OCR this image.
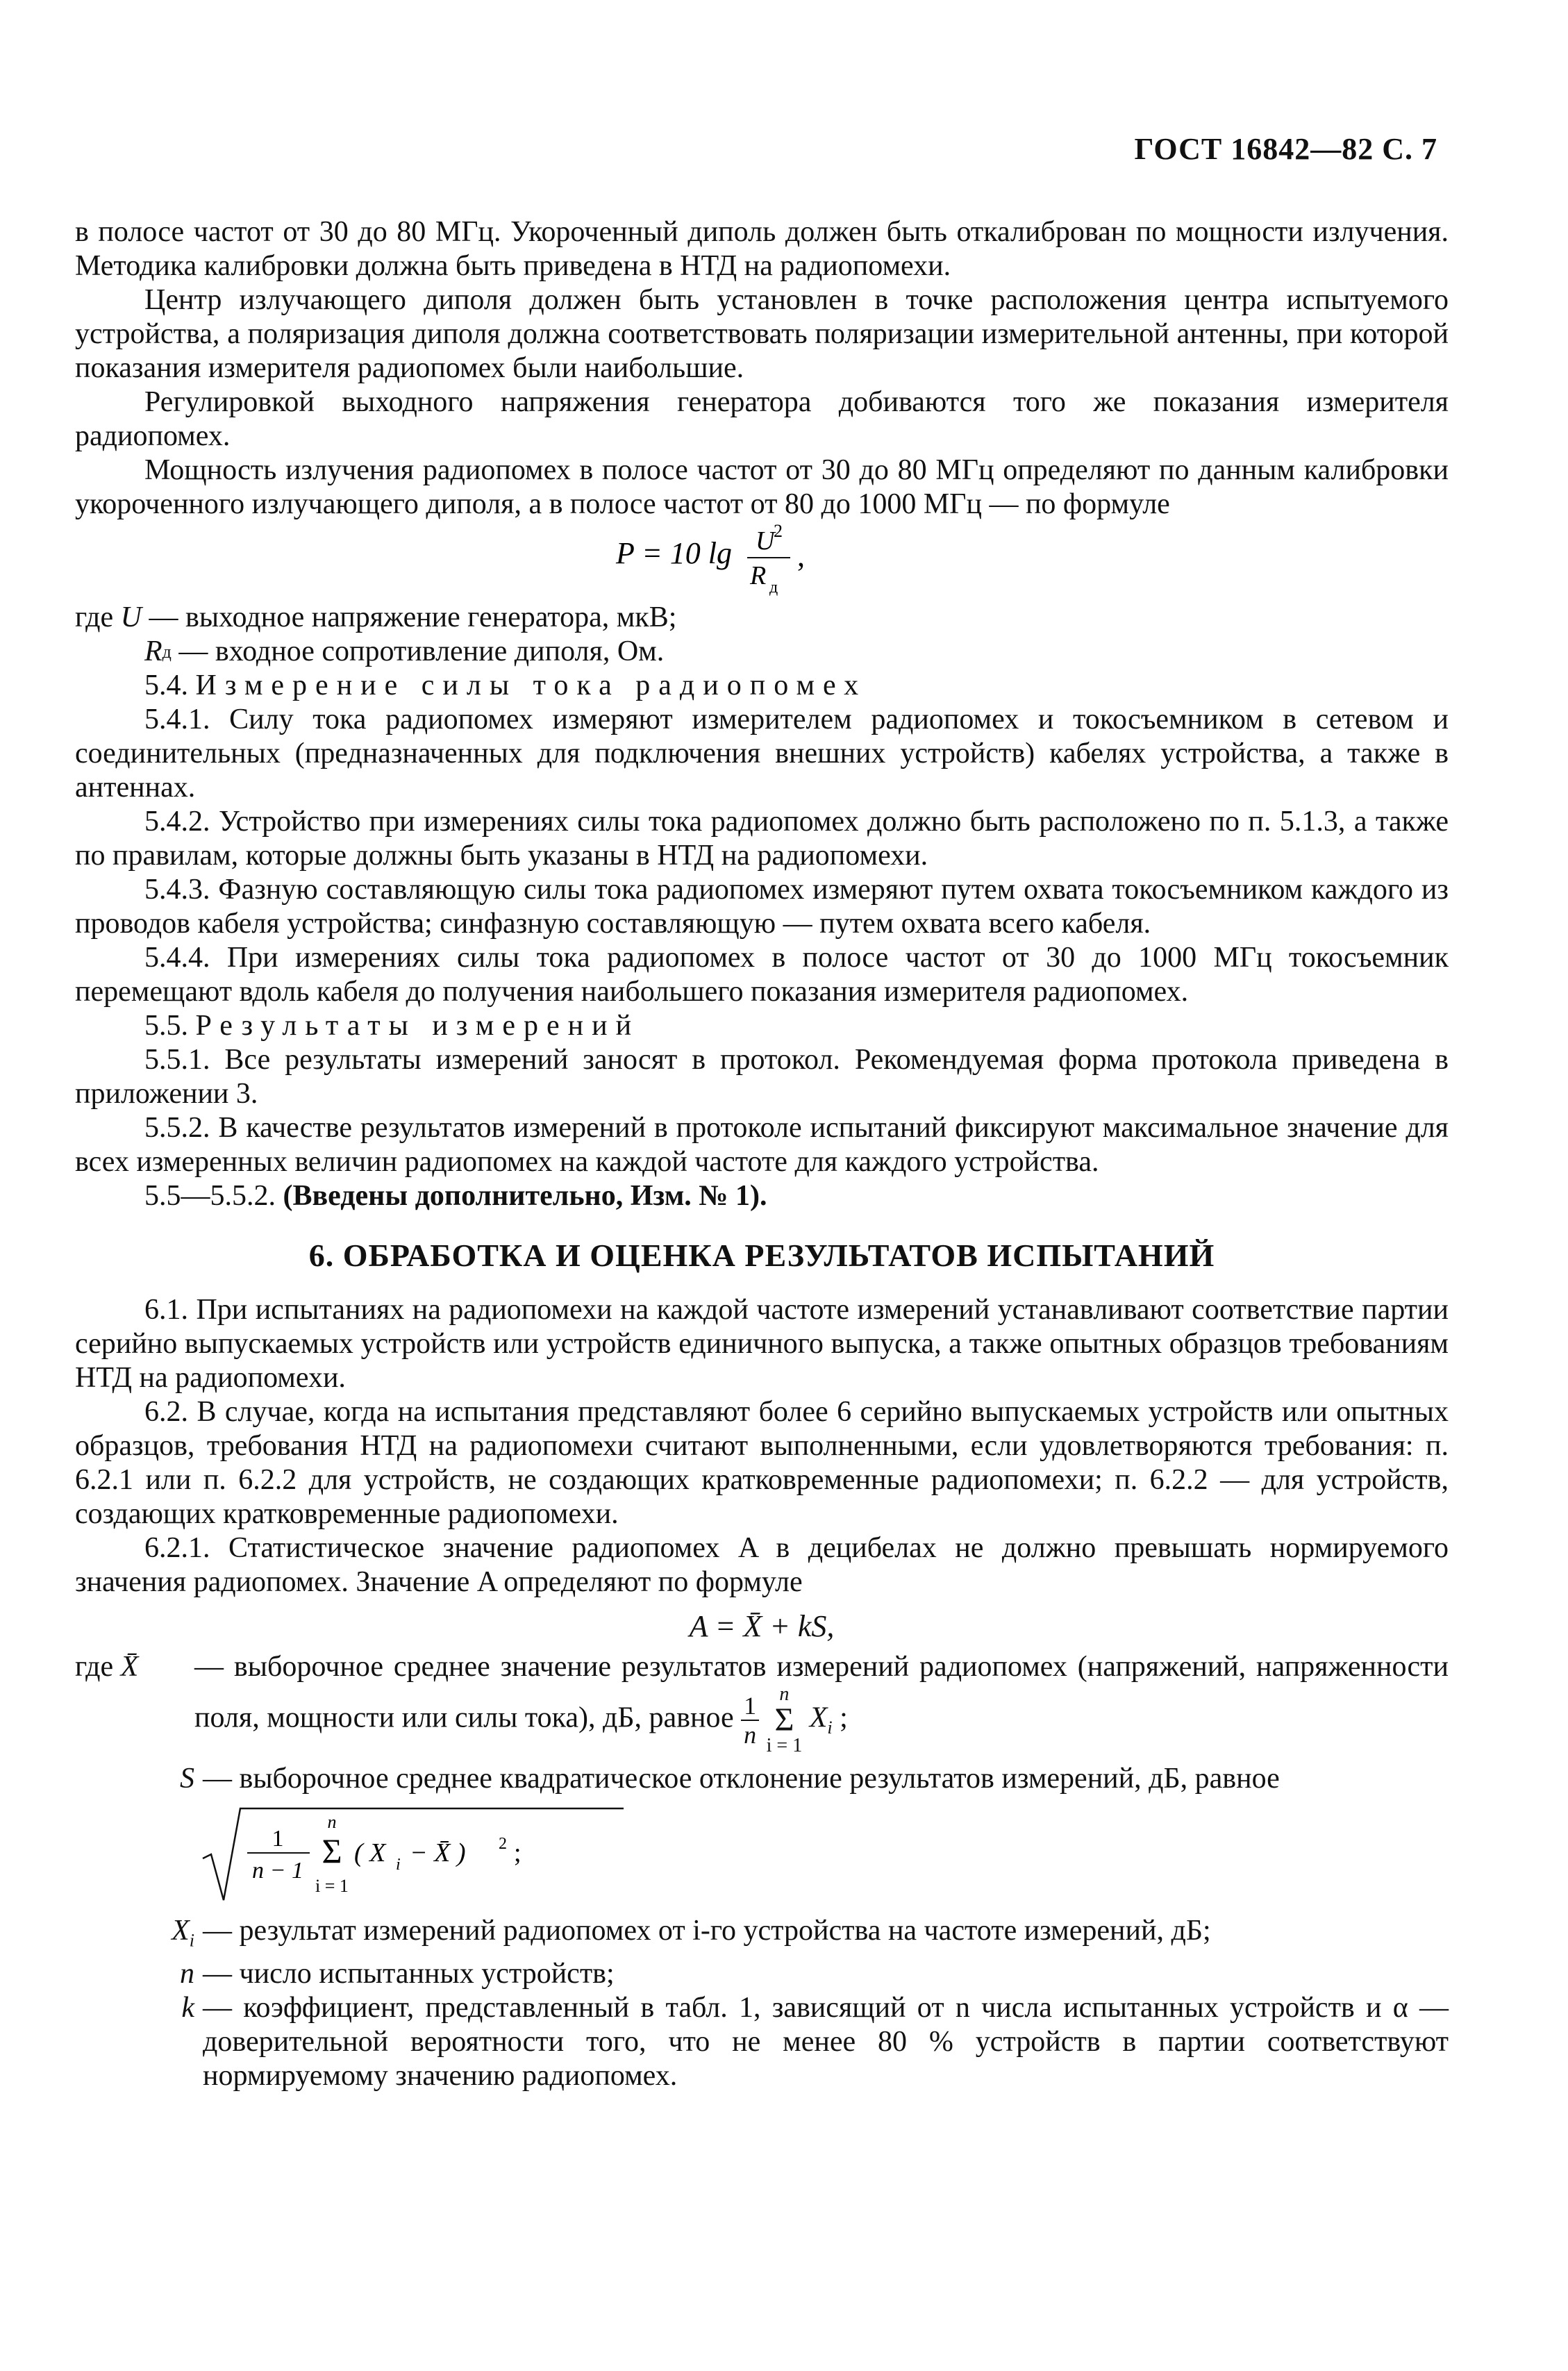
ГОСТ 16842—82 С. 7

в полосе частот от 30 до 80 МГц. Укороченный диполь должен быть откалиброван по мощности излучения. Методика калибровки должна быть приведена в НТД на радиопомехи.

Центр излучающего диполя должен быть установлен в точке расположения центра испытуемого устройства, а поляризация диполя должна соответствовать поляризации измерительной антенны, при которой показания измерителя радиопомех были наибольшие.

Регулировкой выходного напряжения генератора добиваются того же показания измерителя радиопомех.

Мощность излучения радиопомех в полосе частот от 30 до 80 МГц определяют по данным калибровки укороченного излучающего диполя, а в полосе частот от 80 до 1000 МГц — по формуле

P = 10 lg U
2
R д
,
где
U
— выходное напряжение генератора, мкВ;
R д
— входное сопротивление диполя, Ом.

5.4. Измерение силы тока радиопомех

5.4.1. Силу тока радиопомех измеряют измерителем радиопомех и токосъемником в сетевом и соединительных (предназначенных для подключения внешних устройств) кабелях устройства, а также в антеннах.

5.4.2. Устройство при измерениях силы тока радиопомех должно быть расположено по п. 5.1.3, а также по правилам, которые должны быть указаны в НТД на радиопомехи.

5.4.3. Фазную составляющую силы тока радиопомех измеряют путем охвата токосъемником каждого из проводов кабеля устройства; синфазную составляющую — путем охвата всего кабеля.

5.4.4. При измерениях силы тока радиопомех в полосе частот от 30 до 1000 МГц токосъемник перемещают вдоль кабеля до получения наибольшего показания измерителя радиопомех.

5.5. Результаты измерений

5.5.1. Все результаты измерений заносят в протокол. Рекомендуемая форма протокола приведена в приложении 3.

5.5.2. В качестве результатов измерений в протоколе испытаний фиксируют максимальное значение для всех измеренных величин радиопомех на каждой частоте для каждого устройства.

5.5—5.5.2. (Введены дополнительно, Изм. № 1).

6. ОБРАБОТКА И ОЦЕНКА РЕЗУЛЬТАТОВ ИСПЫТАНИЙ

6.1. При испытаниях на радиопомехи на каждой частоте измерений устанавливают соответствие партии серийно выпускаемых устройств или устройств единичного выпуска, а также опытных образцов требованиям НТД на радиопомехи.

6.2. В случае, когда на испытания представляют более 6 серийно выпускаемых устройств или опытных образцов, требования НТД на радиопомехи считают выполненными, если удовлетворяются требования: п. 6.2.1 или п. 6.2.2 для устройств, не создающих кратковременные радиопомехи; п. 6.2.2 — для устройств, создающих кратковременные радиопомехи.

6.2.1. Статистическое значение радиопомех A в децибелах не должно превышать нормируемого значения радиопомех. Значение A определяют по формуле

A = X̄ + kS,
где X̄	— выборочное среднее значение результатов измерений радиопомех (напряжений, напряженности поля, мощности или силы тока), дБ, равное $\frac{1}{n}$ n
Σ
i = 1 $X_i$ ;

S — выборочное среднее квадратическое отклонение результатов измерений, дБ, равное

1
n − 1
n
Σ
i = 1
( X i − X̄ ) 2 ;
$X_i$ — результат измерений радиопомех от i-го устройства на частоте измерений, дБ;

n — число испытанных устройств;

k — коэффициент, представленный в табл. 1, зависящий от n числа испытанных устройств и α — доверительной вероятности того, что не менее 80 % устройств в партии соответствуют нормируемому значению радиопомех.
